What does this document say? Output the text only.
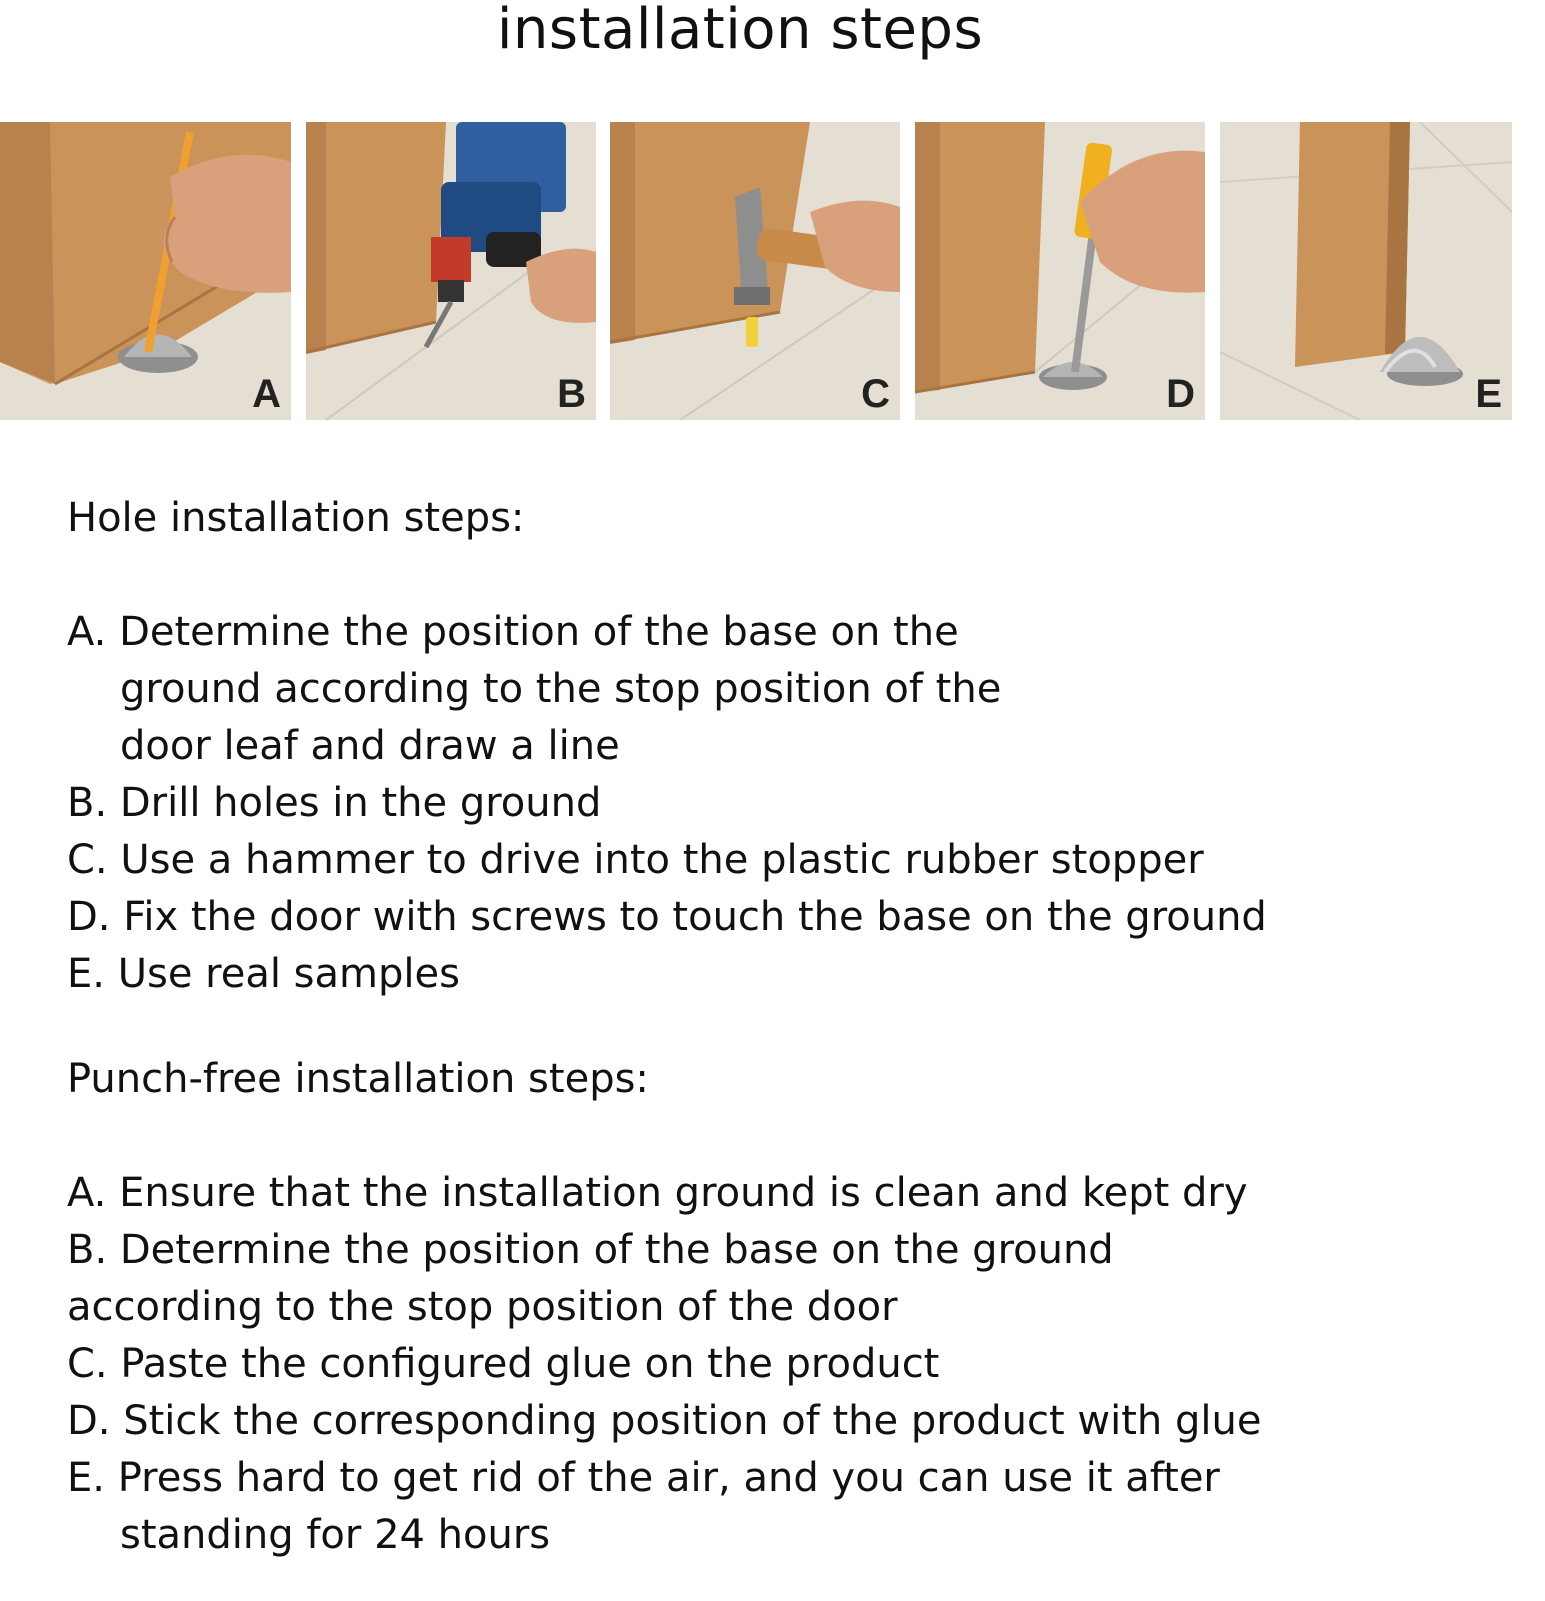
installation steps
A	B	C	D	E
Hole installation steps:
A. Determine the position of the base on the ground according to the stop position of the door leaf and draw a line
B. Drill holes in the ground
C. Use a hammer to drive into the plastic rubber stopper
D. Fix the door with screws to touch the base on the ground
E. Use real samples
Punch-free installation steps:
A. Ensure that the installation ground is clean and kept dry
B. Determine the position of the base on the ground
according to the stop position of the door
C. Paste the configured glue on the product
D. Stick the corresponding position of the product with glue
E. Press hard to get rid of the air, and you can use it after standing for 24 hours
